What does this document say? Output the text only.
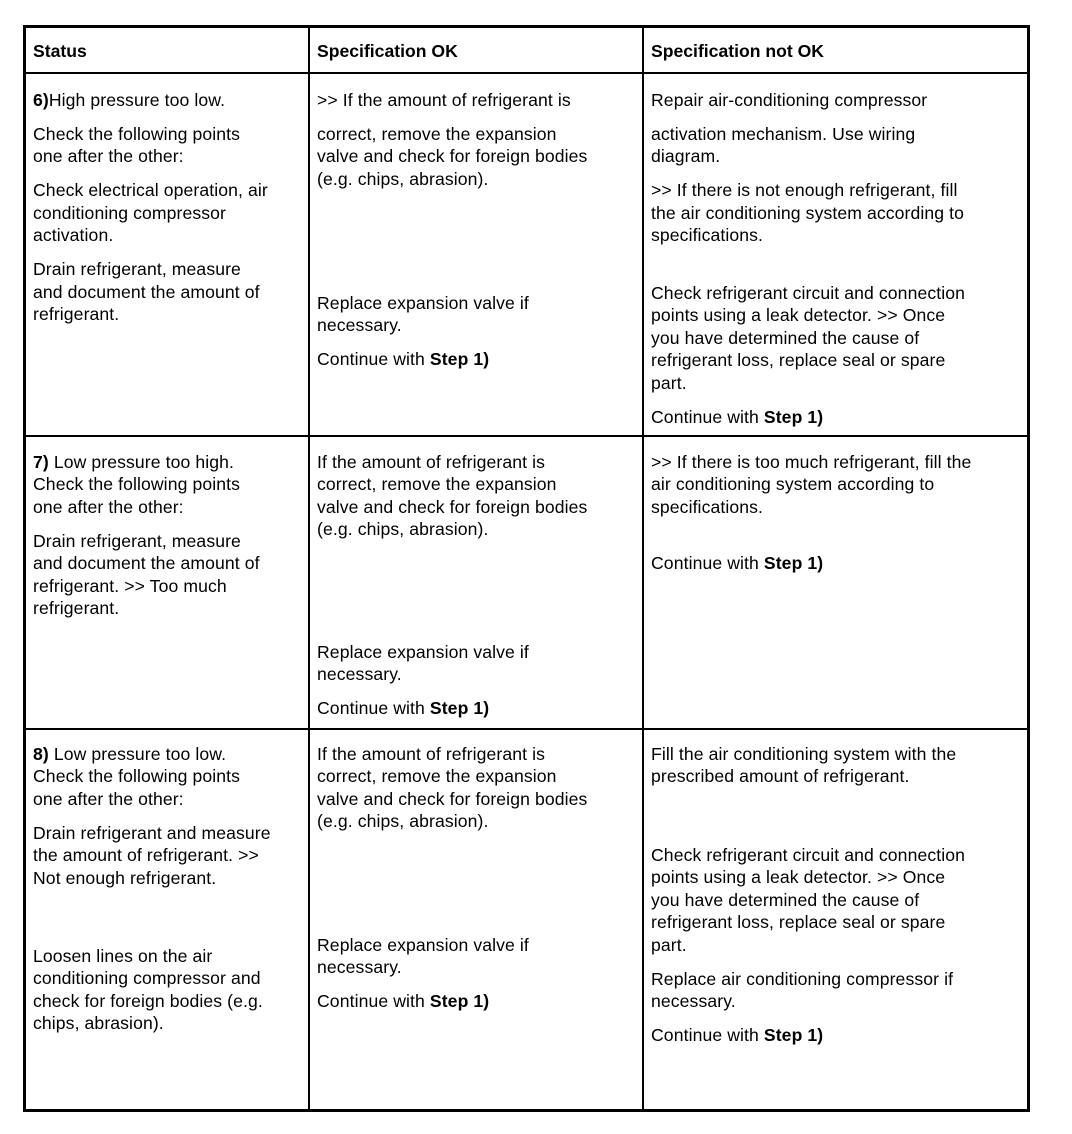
Status	Specification OK	Specification not OK

6)High pressure too low.

Check the following points
one after the other:

Check electrical operation, air
conditioning compressor
activation.

Drain refrigerant, measure
and document the amount of
refrigerant.

>> If the amount of refrigerant is

correct, remove the expansion
valve and check for foreign bodies
(e.g. chips, abrasion).

Replace expansion valve if
necessary.

Continue with Step 1)

Repair air-conditioning compressor

activation mechanism. Use wiring
diagram.

>> If there is not enough refrigerant, fill
the air conditioning system according to
specifications.

Check refrigerant circuit and connection
points using a leak detector. >> Once
you have determined the cause of
refrigerant loss, replace seal or spare
part.

Continue with Step 1)

7) Low pressure too high.
Check the following points
one after the other:

Drain refrigerant, measure
and document the amount of
refrigerant. >> Too much
refrigerant.

If the amount of refrigerant is
correct, remove the expansion
valve and check for foreign bodies
(e.g. chips, abrasion).

Replace expansion valve if
necessary.

Continue with Step 1)

>> If there is too much refrigerant, fill the
air conditioning system according to
specifications.

Continue with Step 1)

8) Low pressure too low.
Check the following points
one after the other:

Drain refrigerant and measure
the amount of refrigerant. >>
Not enough refrigerant.

Loosen lines on the air
conditioning compressor and
check for foreign bodies (e.g.
chips, abrasion).

If the amount of refrigerant is
correct, remove the expansion
valve and check for foreign bodies
(e.g. chips, abrasion).

Replace expansion valve if
necessary.

Continue with Step 1)

Fill the air conditioning system with the
prescribed amount of refrigerant.

Check refrigerant circuit and connection
points using a leak detector. >> Once
you have determined the cause of
refrigerant loss, replace seal or spare
part.

Replace air conditioning compressor if
necessary.

Continue with Step 1)
